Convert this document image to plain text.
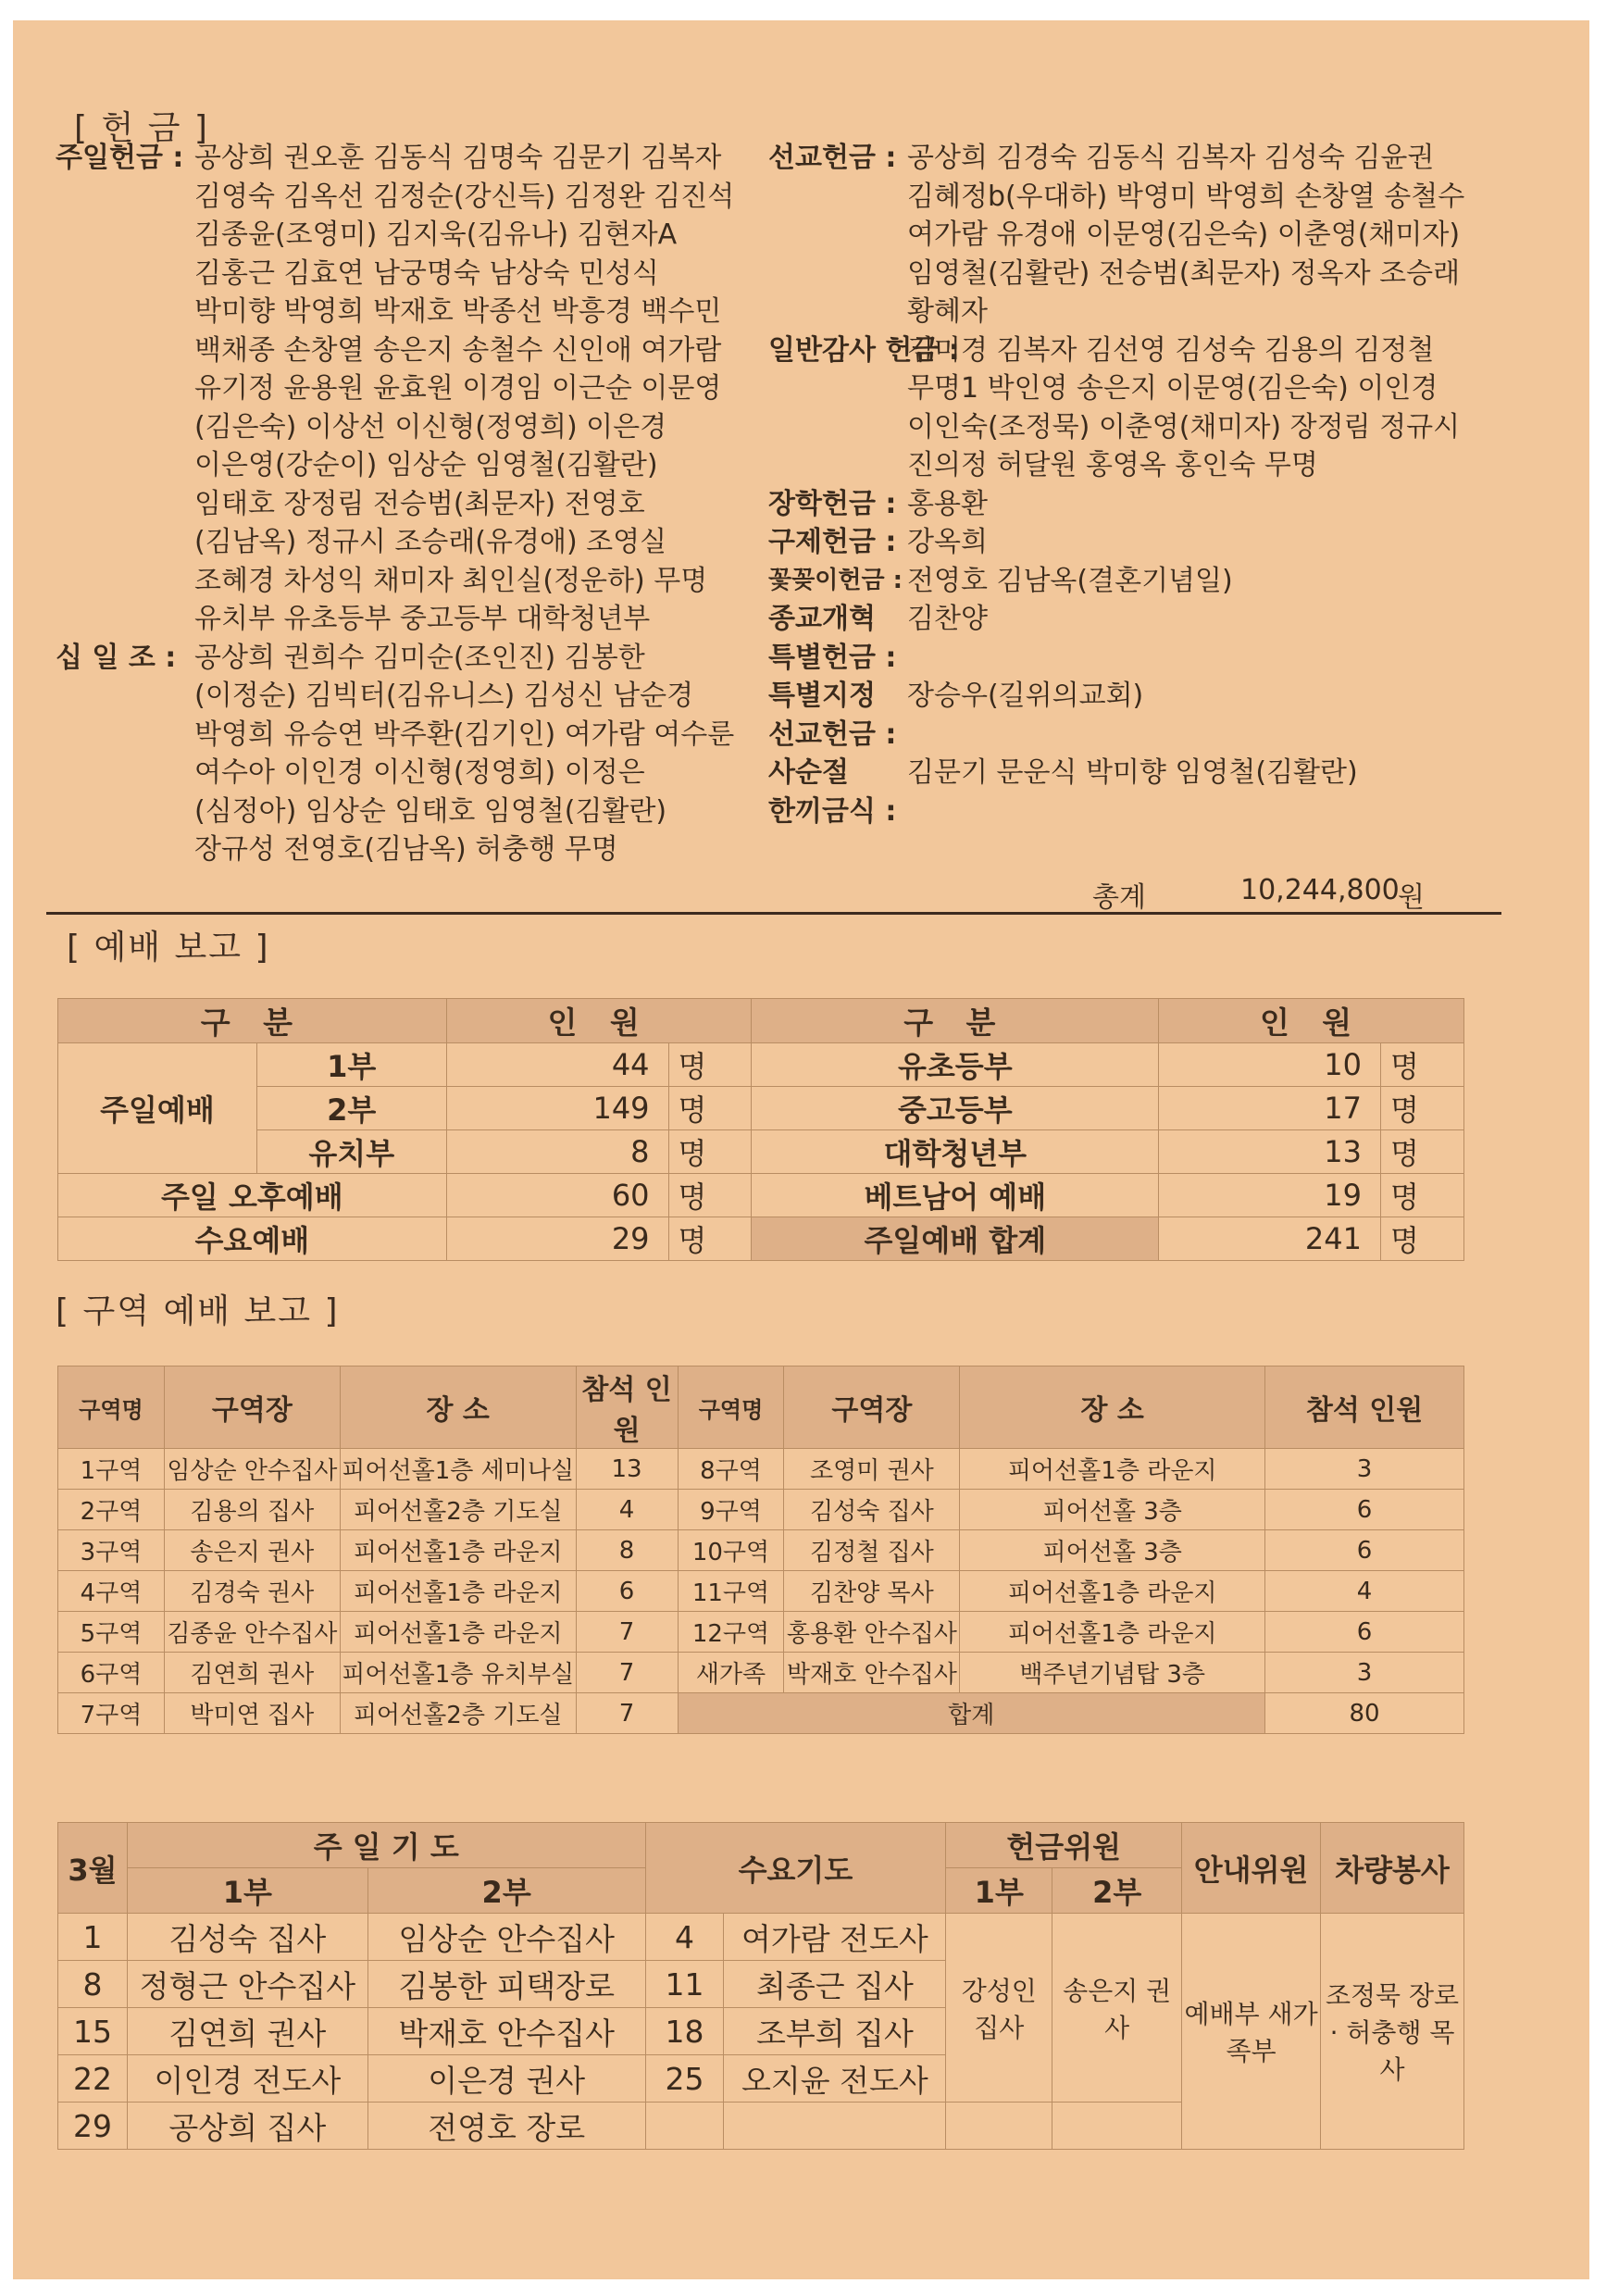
[ 헌 금 ]
주일헌금 : 공상희 권오훈 김동식 김명숙 김문기 김복자 김영숙 김옥선 김정순(강신득) 김정완 김진석 김종윤(조영미) 김지욱(김유나) 김현자A 김홍근 김효연 남궁명숙 남상숙 민성식 박미향 박영희 박재호 박종선 박흥경 백수민 백채종 손창열 송은지 송철수 신인애 여가람 유기정 윤용원 윤효원 이경임 이근순 이문영(김은숙) 이상선 이신형(정영희) 이은경 이은영(강순이) 임상순 임영철(김활란) 임태호 장정림 전승범(최문자) 전영호(김남옥) 정규시 조승래(유경애) 조영실 조혜경 차성익 채미자 최인실(정운하) 무명 유치부 유초등부 중고등부 대학청년부
십 일 조 : 공상희 권희수 김미순(조인진) 김봉한(이정순) 김빅터(김유니스) 김성신 남순경 박영희 유승연 박주환(김기인) 여가람 여수룬 여수아 이인경 이신형(정영희) 이정은(심정아) 임상순 임태호 임영철(김활란) 장규성 전영호(김남옥) 허충행 무명
선교헌금 : 공상희 김경숙 김동식 김복자 김성숙 김윤권 김혜정b(우대하) 박영미 박영희 손창열 송철수 여가람 유경애 이문영(김은숙) 이춘영(채미자) 임영철(김활란) 전승범(최문자) 정옥자 조승래 황혜자
일반감사 헌금 :
김미경 김복자 김선영 김성숙 김용의 김정철 무명1 박인영 송은지 이문영(김은숙) 이인경 이인숙(조정묵) 이춘영(채미자) 장정림 정규시 진의정 허달원 홍영옥 홍인숙 무명
장학헌금 : 홍용환
구제헌금 : 강옥희
꽃꽂이헌금 : 전영호 김남옥(결혼기념일)
종교개혁	김찬양
특별헌금 :
특별지정	장승우(길위의교회)
선교헌금 :
사순절	김문기 문운식 박미향 임영철(김활란)
한끼금식 :
총계	10,244,800
원
[ 예배 보고 ]
구 분		인 원		구 분	인 원	
주일예배	1부	44	명	유초등부	10	명
	2부	149	명	중고등부	17	명
	유치부	8	명	대학청년부	13	명
주일 오후예배		60	명	베트남어 예배	19	명
수요예배		29	명	주일예배 합계	241	명
[ 구역 예배 보고 ]
구역명	구역장	장 소	참석 인원	구역명	구역장	장 소	참석 인원
1구역	임상순 안수집사	피어선홀1층 세미나실	13	8구역	조영미 권사	피어선홀1층 라운지	3
2구역	김용의 집사	피어선홀2층 기도실	4	9구역	김성숙 집사	피어선홀 3층	6
3구역	송은지 권사	피어선홀1층 라운지	8	10구역	김정철 집사	피어선홀 3층	6
4구역	김경숙 권사	피어선홀1층 라운지	6	11구역	김찬양 목사	피어선홀1층 라운지	4
5구역	김종윤 안수집사	피어선홀1층 라운지	7	12구역	홍용환 안수집사	피어선홀1층 라운지	6
6구역	김연희 권사	피어선홀1층 유치부실	7	새가족	박재호 안수집사	백주년기념탑 3층	3
7구역	박미연 집사	피어선홀2층 기도실	7	합계			80
3월	주 일 기 도		수요기도		헌금위원		안내위원	차량봉사
	1부	2부			1부	2부		
1	김성숙 집사	임상순 안수집사	4	여가람 전도사	강성인 집사	송은지 권사	예배부 새가족부	조정묵 장로 · 허충행 목사
8	정형근 안수집사	김봉한 피택장로	11	최종근 집사				
15	김연희 권사	박재호 안수집사	18	조부희 집사				
22	이인경 전도사	이은경 권사	25	오지윤 전도사				
29	공상희 집사	전영호 장로						
